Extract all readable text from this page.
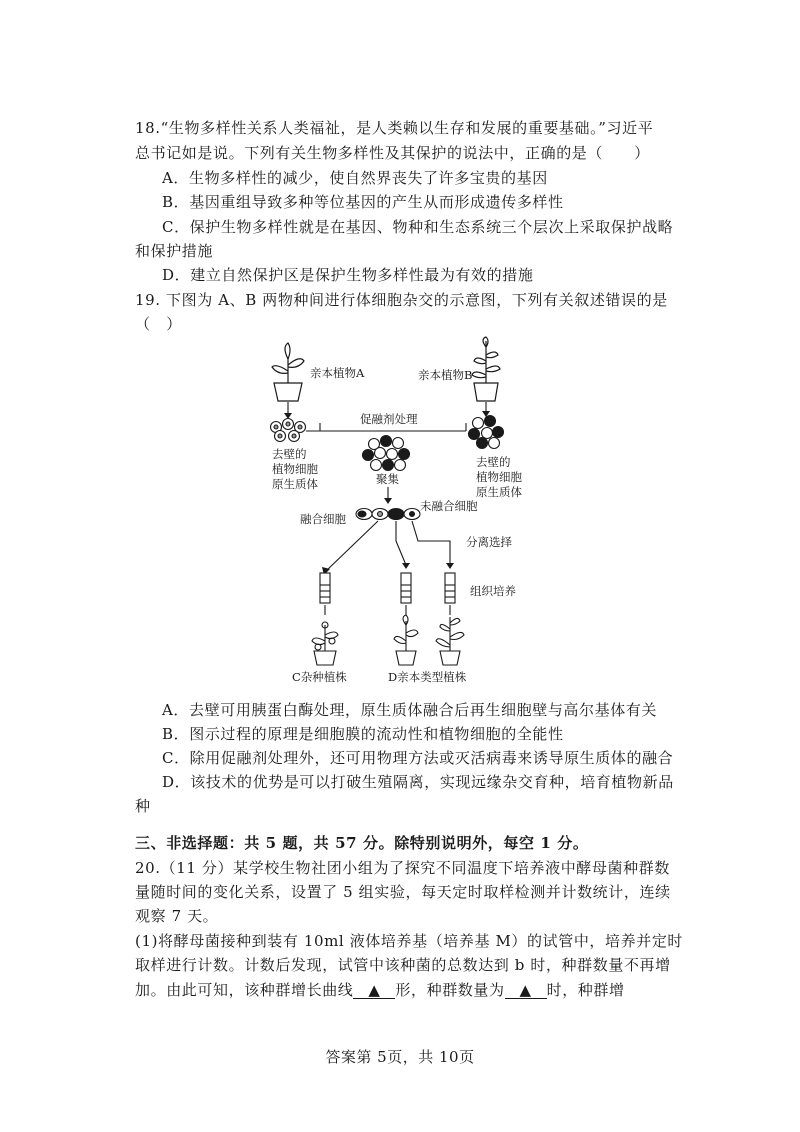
18.“生物多样性关系人类福祉，是人类赖以生存和发展的重要基础。”习近平
总书记如是说。下列有关生物多样性及其保护的说法中，正确的是（　　）
A．生物多样性的减少，使自然界丧失了许多宝贵的基因
B．基因重组导致多种等位基因的产生从而形成遗传多样性
C．保护生物多样性就是在基因、物种和生态系统三个层次上采取保护战略
和保护措施
D．建立自然保护区是保护生物多样性最为有效的措施
19. 下图为 A、B 两物种间进行体细胞杂交的示意图，下列有关叙述错误的是
（　）
亲本植物A
去壁的
植物细胞
原生质体
亲本植物B
去壁的
植物细胞
原生质体
促融剂处理
聚集
融合细胞
未融合细胞
分离选择
组织培养
C杂种植株	D亲本类型植株
A．去壁可用胰蛋白酶处理，原生质体融合后再生细胞壁与高尔基体有关
B．图示过程的原理是细胞膜的流动性和植物细胞的全能性
C．除用促融剂处理外，还可用物理方法或灭活病毒来诱导原生质体的融合
D．该技术的优势是可以打破生殖隔离，实现远缘杂交育种，培育植物新品
种
三、非选择题：共 5 题，共 57 分。除特别说明外，每空 1 分。
20.（11 分）某学校生物社团小组为了探究不同温度下培养液中酵母菌种群数
量随时间的变化关系，设置了 5 组实验，每天定时取样检测并计数统计，连续
观察 7 天。
(1)将酵母菌接种到装有 10ml 液体培养基（培养基 M）的试管中，培养并定时
取样进行计数。计数后发现，试管中该种菌的总数达到 b 时，种群数量不再增
加。由此可知，该种群增长曲线 ▲ 形，种群数量为 ▲ 时，种群增
答案第 5页，共 10页
